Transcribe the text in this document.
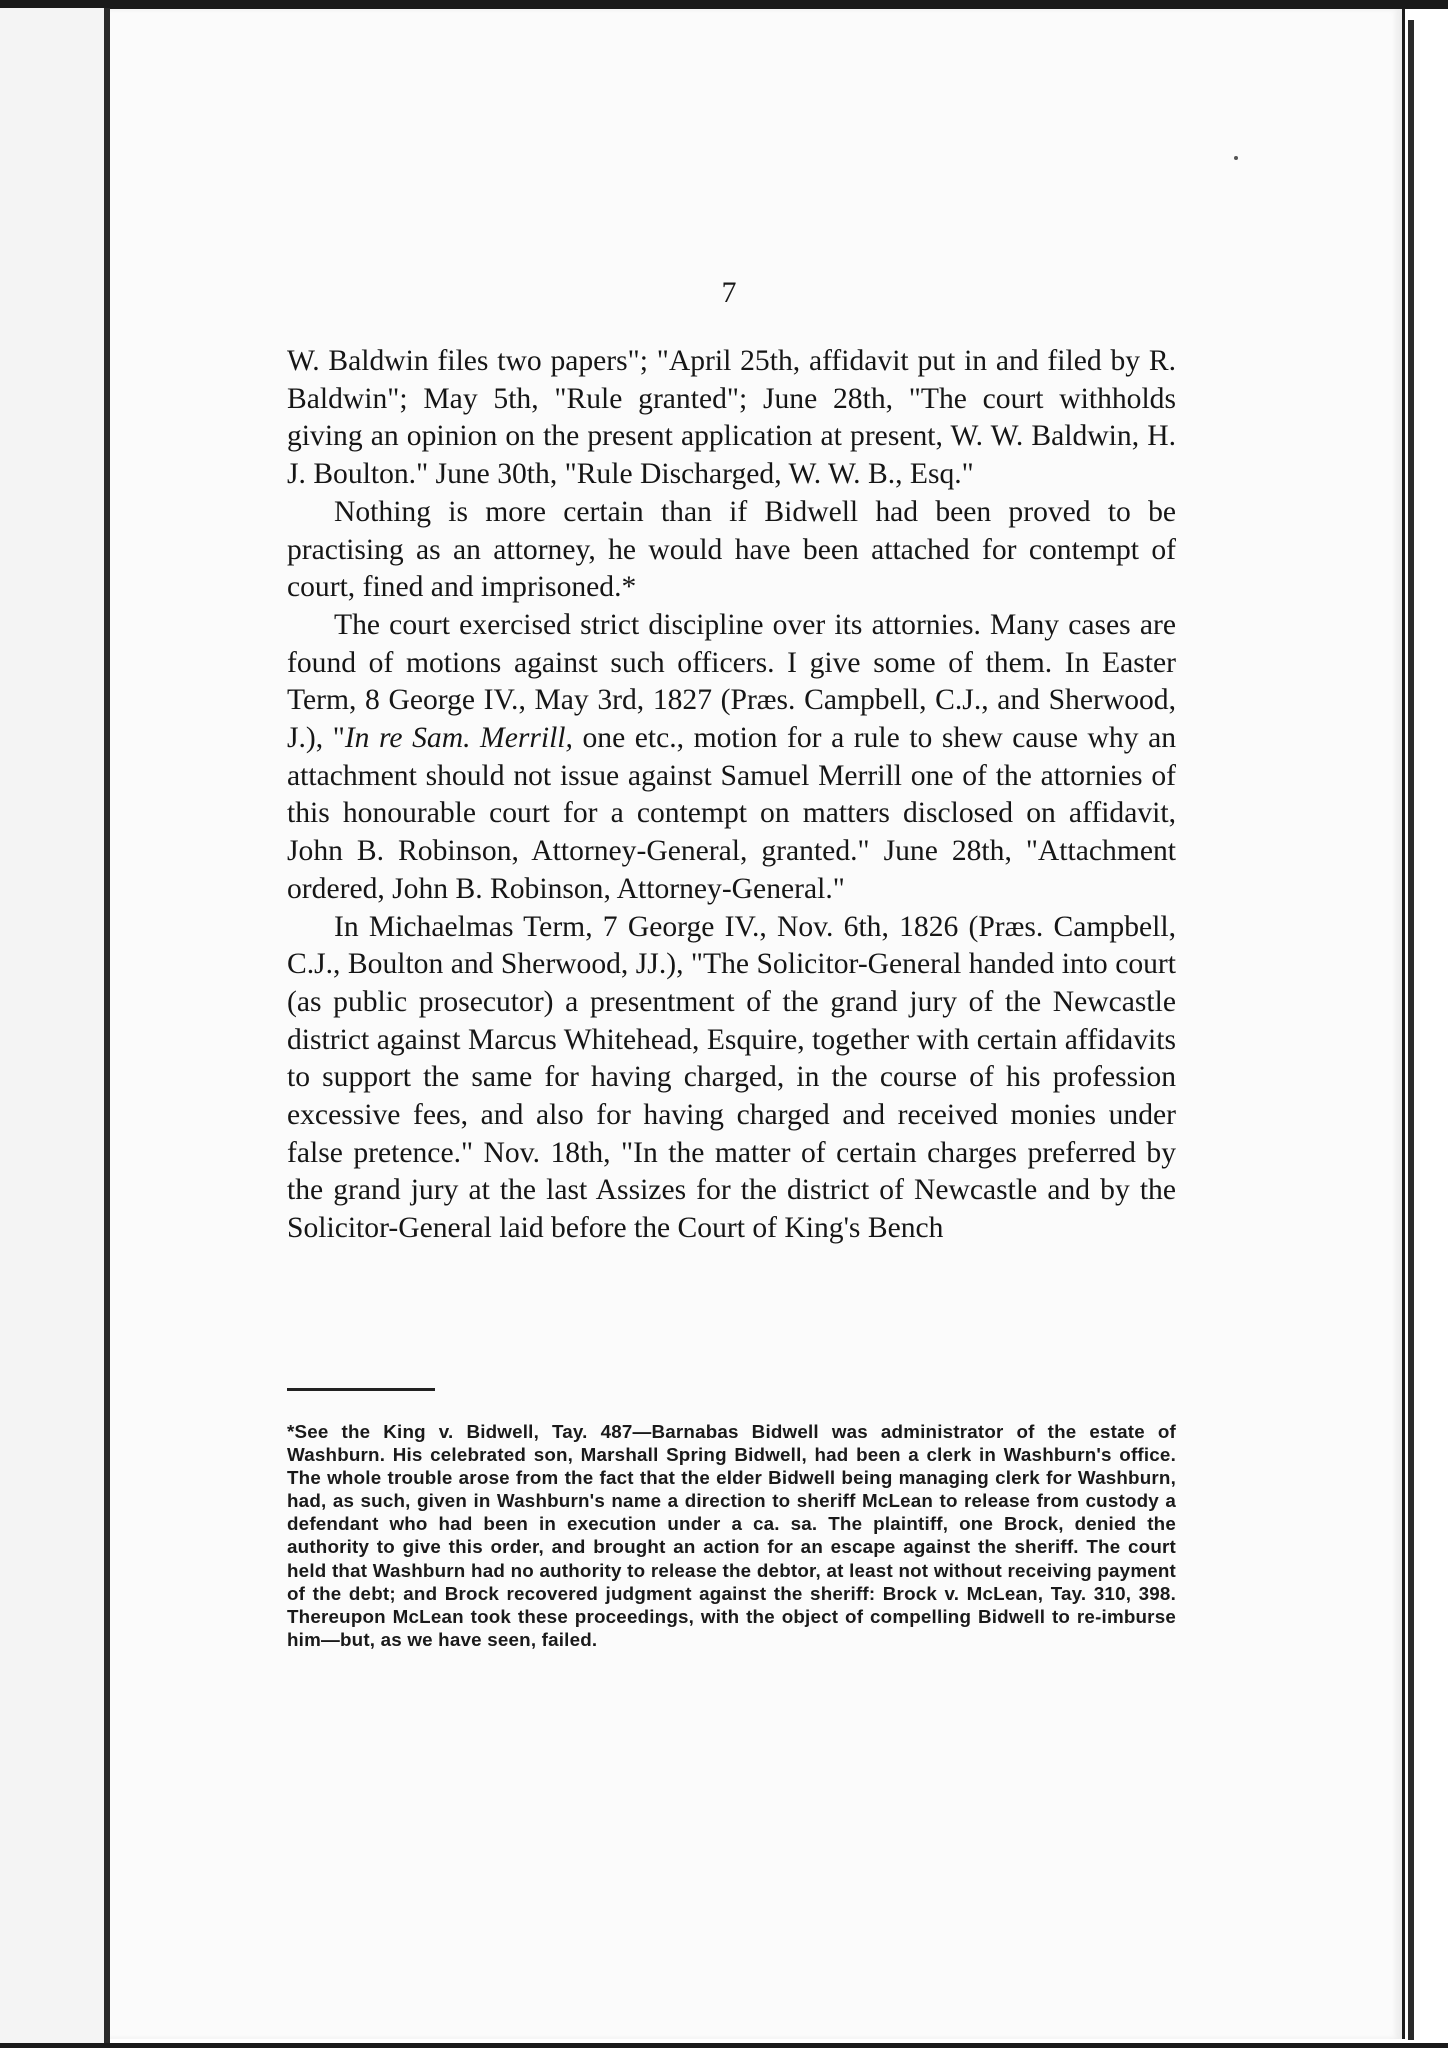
7

W. Baldwin files two papers"; "April 25th, affidavit put in and filed by R. Baldwin"; May 5th, "Rule granted"; June 28th, "The court withholds giving an opinion on the present application at present, W. W. Baldwin, H. J. Boulton." June 30th, "Rule Discharged, W. W. B., Esq."

Nothing is more certain than if Bidwell had been proved to be practising as an attorney, he would have been attached for contempt of court, fined and imprisoned.*

The court exercised strict discipline over its attornies. Many cases are found of motions against such officers. I give some of them. In Easter Term, 8 George IV., May 3rd, 1827 (Præs. Campbell, C.J., and Sherwood, J.), "In re Sam. Merrill, one etc., motion for a rule to shew cause why an attachment should not issue against Samuel Merrill one of the attornies of this honourable court for a contempt on matters disclosed on affidavit, John B. Robinson, Attorney-General, granted." June 28th, "Attachment ordered, John B. Robinson, Attorney-General."

In Michaelmas Term, 7 George IV., Nov. 6th, 1826 (Præs. Campbell, C.J., Boulton and Sherwood, JJ.), "The Solicitor-General handed into court (as public prosecutor) a presentment of the grand jury of the Newcastle district against Marcus Whitehead, Esquire, together with certain affidavits to support the same for having charged, in the course of his profession excessive fees, and also for having charged and received monies under false pretence." Nov. 18th, "In the matter of certain charges preferred by the grand jury at the last Assizes for the district of Newcastle and by the Solicitor-General laid before the Court of King's Bench

*See the King v. Bidwell, Tay. 487—Barnabas Bidwell was administrator of the estate of Washburn. His celebrated son, Marshall Spring Bidwell, had been a clerk in Washburn's office. The whole trouble arose from the fact that the elder Bidwell being managing clerk for Washburn, had, as such, given in Washburn's name a direction to sheriff McLean to release from custody a defendant who had been in execution under a ca. sa. The plaintiff, one Brock, denied the authority to give this order, and brought an action for an escape against the sheriff. The court held that Washburn had no authority to release the debtor, at least not without receiving payment of the debt; and Brock recovered judgment against the sheriff: Brock v. McLean, Tay. 310, 398. Thereupon McLean took these proceedings, with the object of compelling Bidwell to re-imburse him—but, as we have seen, failed.
